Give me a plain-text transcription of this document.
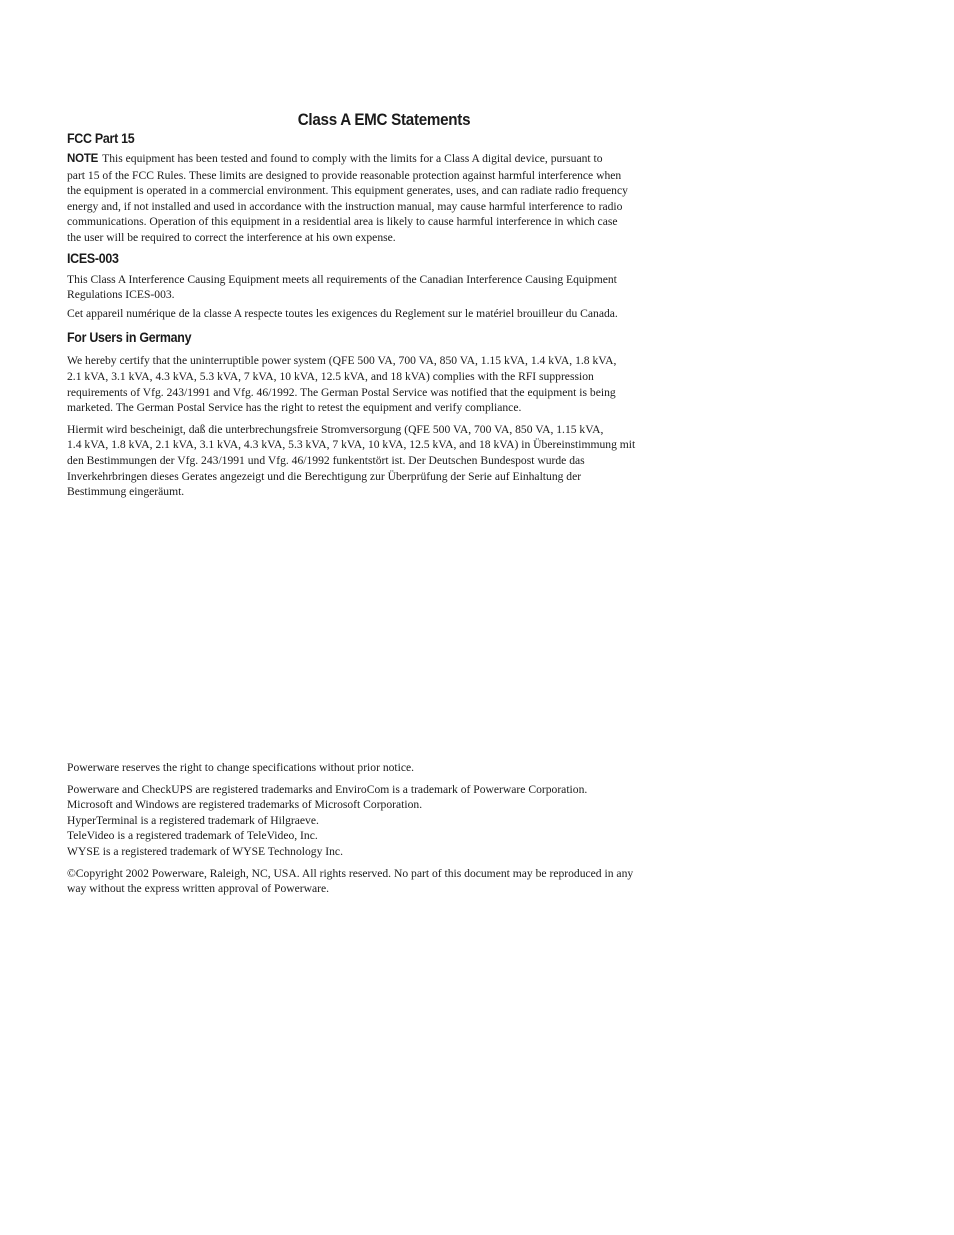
Class A EMC Statements
FCC Part 15

NOTE This equipment has been tested and found to comply with the limits for a Class A digital device, pursuant to
part 15 of the FCC Rules. These limits are designed to provide reasonable protection against harmful interference when
the equipment is operated in a commercial environment. This equipment generates, uses, and can radiate radio frequency
energy and, if not installed and used in accordance with the instruction manual, may cause harmful interference to radio
communications. Operation of this equipment in a residential area is likely to cause harmful interference in which case
the user will be required to correct the interference at his own expense.

ICES-003

This Class A Interference Causing Equipment meets all requirements of the Canadian Interference Causing Equipment
Regulations ICES-003.

Cet appareil numérique de la classe A respecte toutes les exigences du Reglement sur le matériel brouilleur du Canada.

For Users in Germany

We hereby certify that the uninterruptible power system (QFE 500 VA, 700 VA, 850 VA, 1.15 kVA, 1.4 kVA, 1.8 kVA,
2.1 kVA, 3.1 kVA, 4.3 kVA, 5.3 kVA, 7 kVA, 10 kVA, 12.5 kVA, and 18 kVA) complies with the RFI suppression
requirements of Vfg. 243/1991 and Vfg. 46/1992. The German Postal Service was notified that the equipment is being
marketed. The German Postal Service has the right to retest the equipment and verify compliance.

Hiermit wird bescheinigt, daß die unterbrechungsfreie Stromversorgung (QFE 500 VA, 700 VA, 850 VA, 1.15 kVA,
1.4 kVA, 1.8 kVA, 2.1 kVA, 3.1 kVA, 4.3 kVA, 5.3 kVA, 7 kVA, 10 kVA, 12.5 kVA, and 18 kVA) in Übereinstimmung mit
den Bestimmungen der Vfg. 243/1991 und Vfg. 46/1992 funkentstört ist. Der Deutschen Bundespost wurde das
Inverkehrbringen dieses Gerates angezeigt und die Berechtigung zur Überprüfung der Serie auf Einhaltung der
Bestimmung eingeräumt.

Powerware reserves the right to change specifications without prior notice.

Powerware and CheckUPS are registered trademarks and EnviroCom is a trademark of Powerware Corporation.
Microsoft and Windows are registered trademarks of Microsoft Corporation.
HyperTerminal is a registered trademark of Hilgraeve.
TeleVideo is a registered trademark of TeleVideo, Inc.
WYSE is a registered trademark of WYSE Technology Inc.

©Copyright 2002 Powerware, Raleigh, NC, USA. All rights reserved. No part of this document may be reproduced in any
way without the express written approval of Powerware.
